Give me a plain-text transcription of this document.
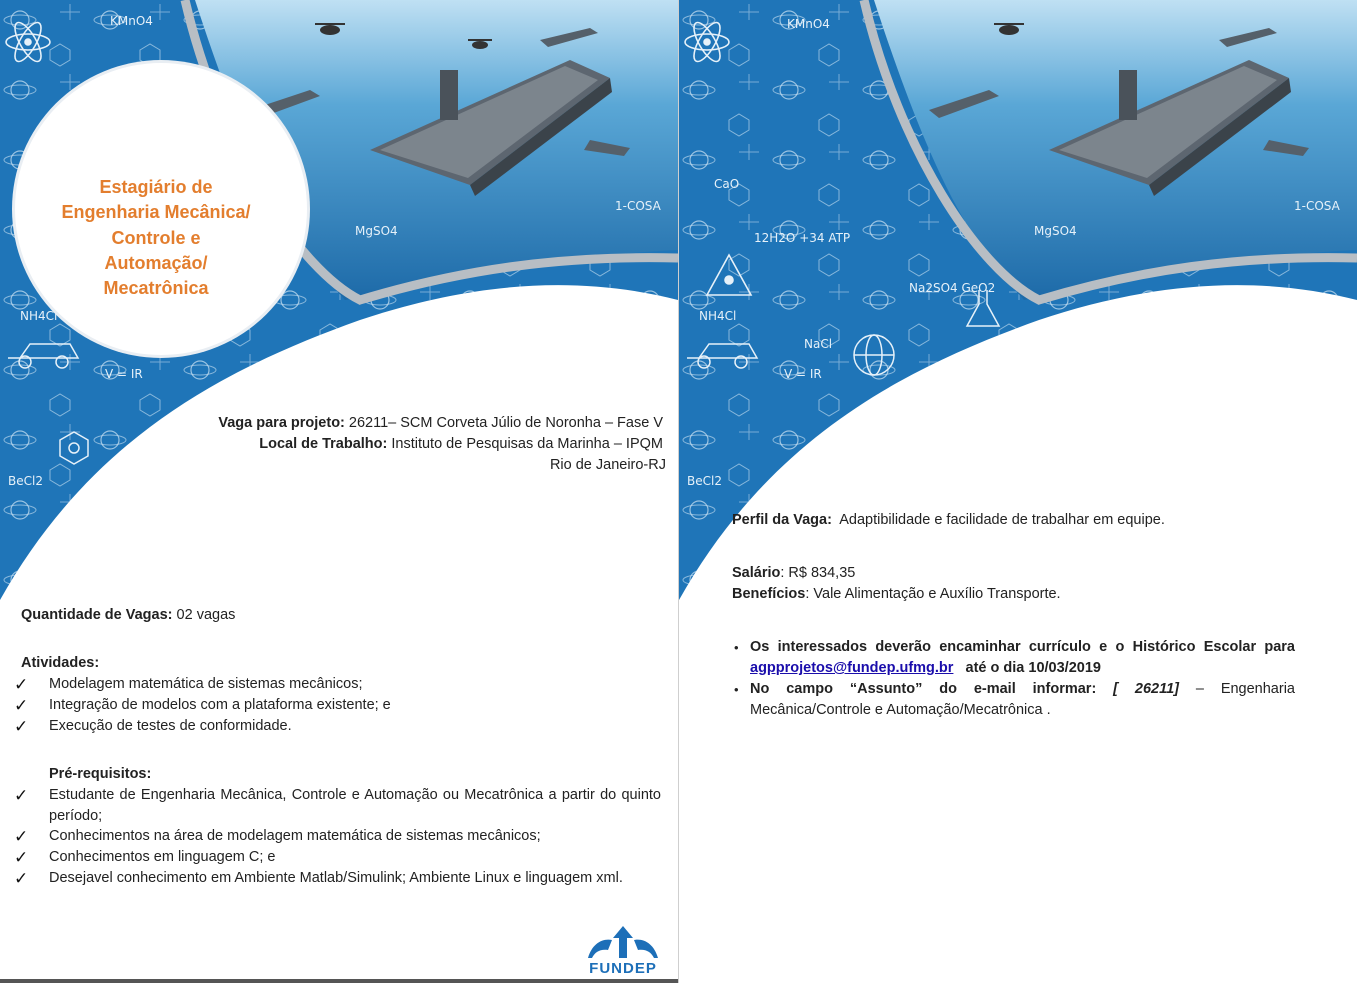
KMnO4
NH4Cl
V = IR
MgSO4
1-COSA
BeCl2
Estagiário de
Engenharia Mecânica/
Controle e
Automação/
Mecatrônica
Vaga para projeto: 26211– SCM Corveta Júlio de Noronha – Fase V
Local de Trabalho: Instituto de Pesquisas da Marinha – IPQM
Rio de Janeiro-RJ
Quantidade de Vagas: 02 vagas
Atividades:
✓ Modelagem matemática de sistemas mecânicos;
✓ Integração de modelos com a plataforma existente; e
✓ Execução de testes de conformidade.
Pré-requisitos:
✓ Estudante de Engenharia Mecânica, Controle e Automação ou Mecatrônica a partir do quinto período;
✓ Conhecimentos na área de modelagem matemática de sistemas mecânicos;
✓ Conhecimentos em linguagem C; e
✓ Desejavel conhecimento em Ambiente Matlab/Simulink; Ambiente Linux e linguagem xml.
FUNDEP
KMnO4
CaO
12H2O +34 ATP
NH4Cl
V = IR
NaCl
Na2SO4 GeO2
MgSO4
1-COSA
BeCl2
Perfil da Vaga: Adaptibilidade e facilidade de trabalhar em equipe.
Salário: R$ 834,35
Benefícios: Vale Alimentação e Auxílio Transporte.
• Os interessados deverão encaminhar currículo e o Histórico Escolar para
agpprojetos@fundep.ufmg.br até o dia 10/03/2019
• No campo “Assunto” do e-mail informar: [ 26211] – Engenharia Mecânica/Controle e Automação/Mecatrônica .
